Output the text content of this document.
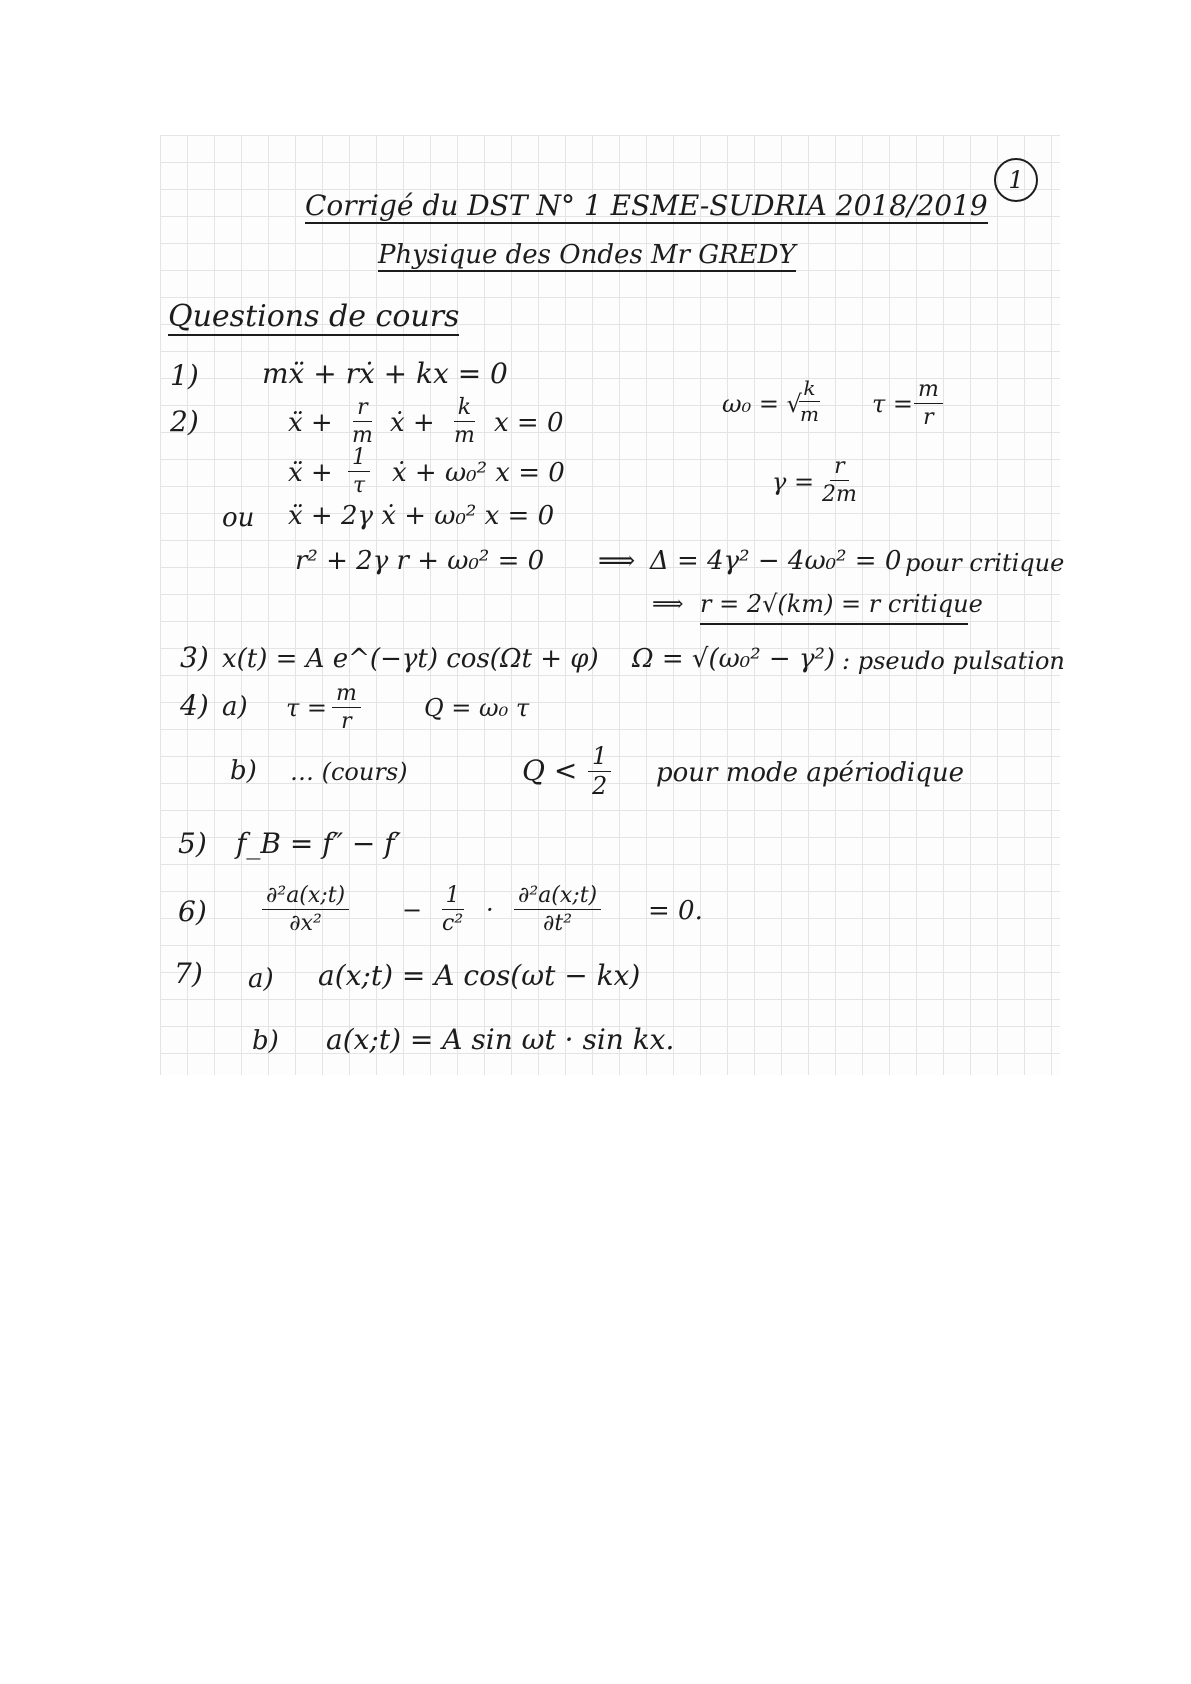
1
Corrigé du DST N° 1 ESME-SUDRIA 2018/2019
Physique des Ondes Mr GREDY
Questions de cours
1) mẍ + rẋ + kx = 0
2)	ẍ + $\frac{r}{m}$ ẋ + $\frac{k}{m}$ x = 0
ẍ + $\frac{1}{\tau}$ ẋ + ω₀² x = 0
ou ẍ + 2γ ẋ + ω₀² x = 0
r² + 2γ r + ω₀² = 0 ⟹ Δ = 4γ² − 4ω₀² = 0 pour critique
⟹ r = 2√(km) = r critique
ω₀ = √
$\frac{k}{m}$ $\tau = \frac{m}{r}$
$\gamma = \frac{r}{2m}$
3) x(t) = A e^(−γt) cos(Ωt + φ) Ω = √(ω₀² − γ²) : pseudo pulsation
4) a) $\tau = \frac{m}{r}$	Q = ω₀ τ
b) … (cours)	$Q < \frac{1}{2}$ pour mode apériodique
5) f_B = f″ − f′
6)	$\frac{\text{∂²a(x;t)}}{\text{∂x²}} - \frac{1}{\text{c²}} \cdot \frac{\text{∂²a(x;t)}}{\text{∂t²}} = 0$.
7) a) a(x;t) = A cos(ωt − kx)
b) a(x;t) = A sin ωt · sin kx.
